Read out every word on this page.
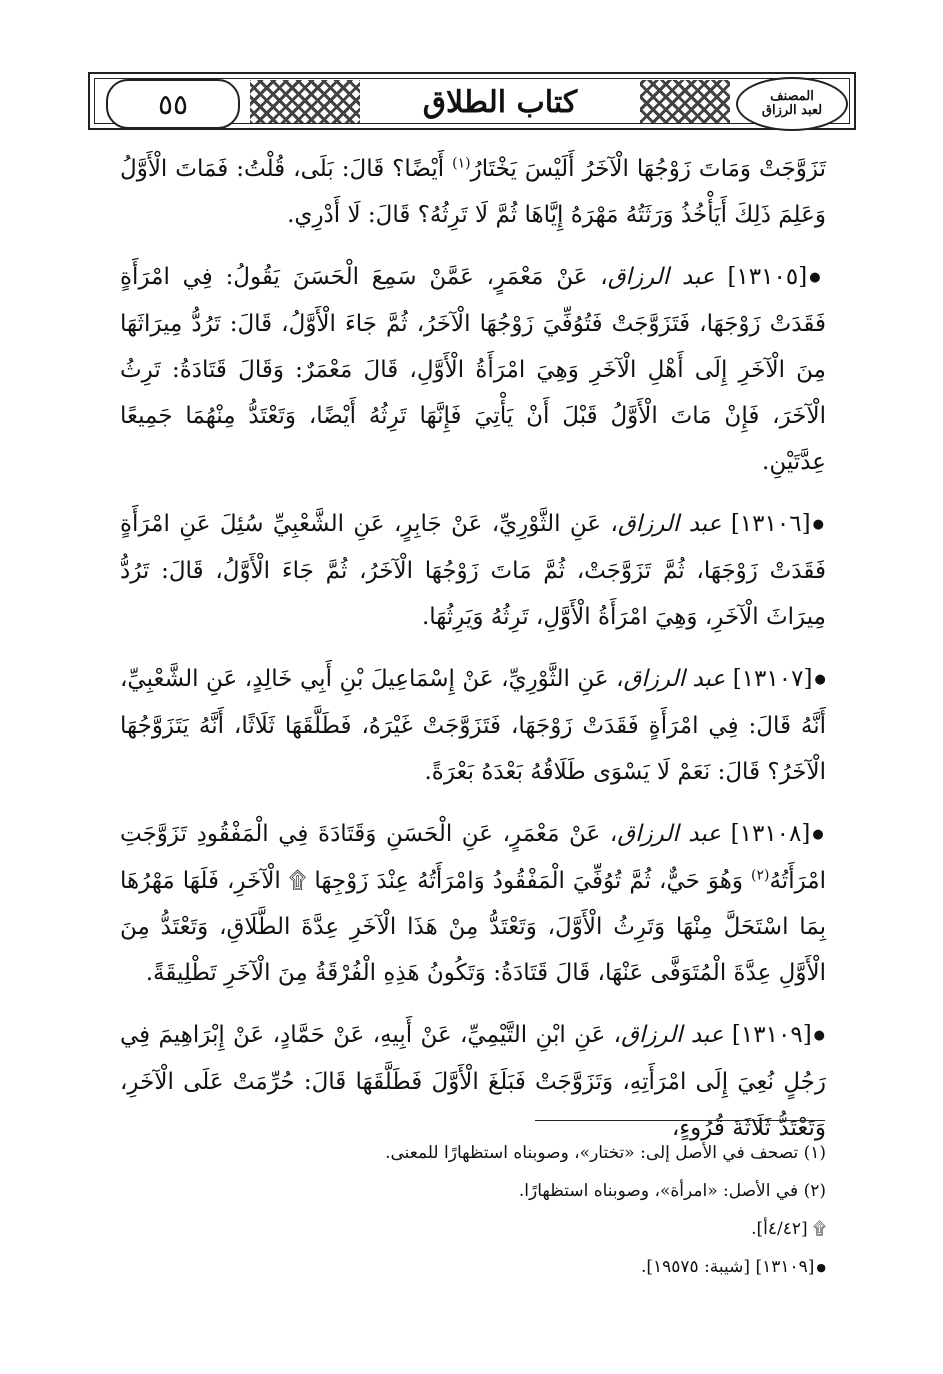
٥٥	كتاب الطلاق	المصنف
لعبد الرزاق

تَزَوَّجَتْ وَمَاتَ زَوْجُهَا الْآخَرُ أَلَيْسَ يَخْتَارُ$^{(١)}$ أَيْضًا؟ قَالَ: بَلَى، قُلْتُ: فَمَاتَ الْأَوَّلُ وَعَلِمَ ذَلِكَ أَيَأْخُذُ وَرَثَتُهُ مَهْرَهُ إِيَّاهَا ثُمَّ لَا تَرِثُهُ؟ قَالَ: لَا أَدْرِي.

● [١٣١٠٥] عبد الرزاق، عَنْ مَعْمَرٍ، عَمَّنْ سَمِعَ الْحَسَنَ يَقُولُ: فِي امْرَأَةٍ فَقَدَتْ زَوْجَهَا، فَتَزَوَّجَتْ فَتُوُفِّيَ زَوْجُهَا الْآخَرُ، ثُمَّ جَاءَ الْأَوَّلُ، قَالَ: تَرُدُّ مِيرَاثَهَا مِنَ الْآخَرِ إِلَى أَهْلِ الْآخَرِ وَهِيَ امْرَأَةُ الْأَوَّلِ، قَالَ مَعْمَرٌ: وَقَالَ قَتَادَةُ: تَرِثُ الْآخَرَ، فَإِنْ مَاتَ الْأَوَّلُ قَبْلَ أَنْ يَأْتِيَ فَإِنَّهَا تَرِثُهُ أَيْضًا، وَتَعْتَدُّ مِنْهُمَا جَمِيعًا عِدَّتَيْنِ.

● [١٣١٠٦] عبد الرزاق، عَنِ الثَّوْرِيِّ، عَنْ جَابِرٍ، عَنِ الشَّعْبِيِّ سُئِلَ عَنِ امْرَأَةٍ فَقَدَتْ زَوْجَهَا، ثُمَّ تَزَوَّجَتْ، ثُمَّ مَاتَ زَوْجُهَا الْآخَرُ، ثُمَّ جَاءَ الْأَوَّلُ، قَالَ: تَرُدُّ مِيرَاثَ الْآخَرِ، وَهِيَ امْرَأَةُ الْأَوَّلِ، تَرِثُهُ وَيَرِثُهَا.

● [١٣١٠٧] عبد الرزاق، عَنِ الثَّوْرِيِّ، عَنْ إِسْمَاعِيلَ بْنِ أَبِي خَالِدٍ، عَنِ الشَّعْبِيِّ، أَنَّهُ قَالَ: فِي امْرَأَةٍ فَقَدَتْ زَوْجَهَا، فَتَزَوَّجَتْ غَيْرَهُ، فَطَلَّقَهَا ثَلَاثًا، أَنَّهُ يَتَزَوَّجُهَا الْآخَرُ؟ قَالَ: نَعَمْ لَا يَسْوَى طَلَاقُهُ بَعْدَهُ بَعْرَةً.

● [١٣١٠٨] عبد الرزاق، عَنْ مَعْمَرٍ، عَنِ الْحَسَنِ وَقَتَادَةَ فِي الْمَفْقُودِ تَزَوَّجَتِ امْرَأَتُهُ$^{(٢)}$ وَهُوَ حَيٌّ، ثُمَّ تُوُفِّيَ الْمَفْقُودُ وَامْرَأَتُهُ عِنْدَ زَوْجِهَا ۩ الْآخَرِ، فَلَهَا مَهْرُهَا بِمَا اسْتَحَلَّ مِنْهَا وَتَرِثُ الْأَوَّلَ، وَتَعْتَدُّ مِنْ هَذَا الْآخَرِ عِدَّةَ الطَّلَاقِ، وَتَعْتَدُّ مِنَ الْأَوَّلِ عِدَّةَ الْمُتَوَفَّى عَنْهَا، قَالَ قَتَادَةُ: وَتَكُونُ هَذِهِ الْفُرْقَةُ مِنَ الْآخَرِ تَطْلِيقَةً.

● [١٣١٠٩] عبد الرزاق، عَنِ ابْنِ التَّيْمِيِّ، عَنْ أَبِيهِ، عَنْ حَمَّادٍ، عَنْ إِبْرَاهِيمَ فِي رَجُلٍ نُعِيَ إِلَى امْرَأَتِهِ، وَتَزَوَّجَتْ فَبَلَغَ الْأَوَّلَ فَطَلَّقَهَا قَالَ: حُرِّمَتْ عَلَى الْآخَرِ، وَتَعْتَدُّ ثَلَاثَةَ قُرُوءٍ،

(١) تصحف في الأصل إلى: «تختار»، وصوبناه استظهارًا للمعنى.

(٢) في الأصل: «امرأة»، وصوبناه استظهارًا.

۩ [٤/٤٢أ].

● [١٣١٠٩] [شيبة: ١٩٥٧٥].
